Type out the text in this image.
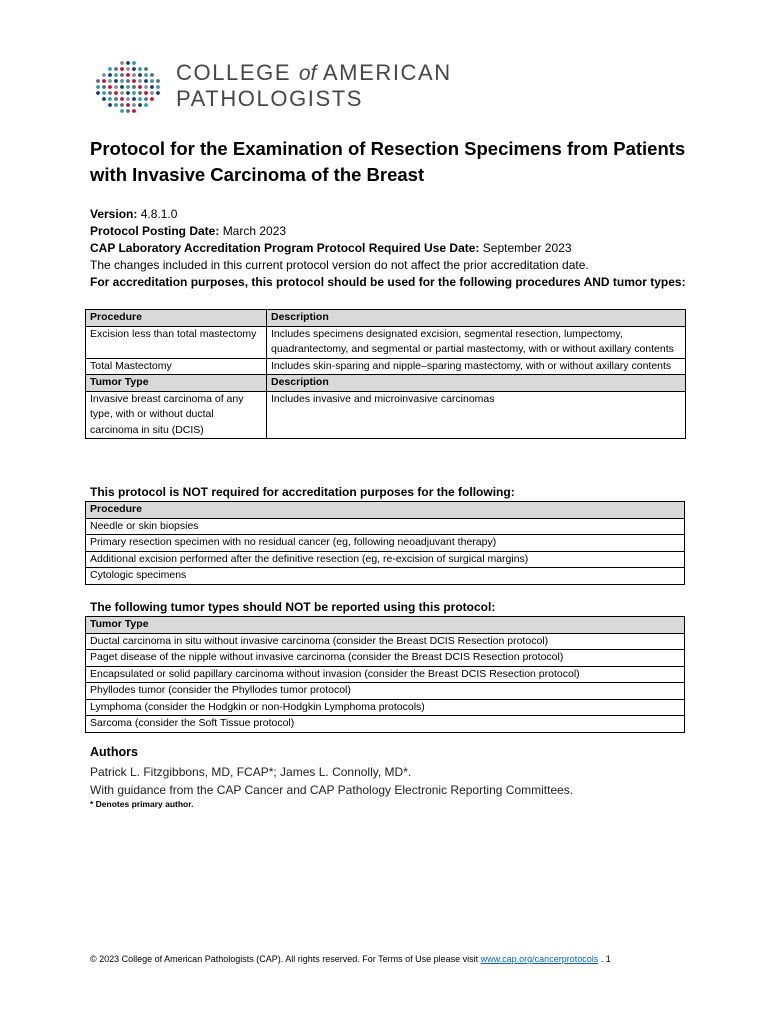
COLLEGE of AMERICAN
PATHOLOGISTS
Protocol for the Examination of Resection Specimens from Patients with Invasive Carcinoma of the Breast
Version: 4.8.1.0
Protocol Posting Date: March 2023
CAP Laboratory Accreditation Program Protocol Required Use Date: September 2023
The changes included in this current protocol version do not affect the prior accreditation date.
For accreditation purposes, this protocol should be used for the following procedures AND tumor types:
Procedure	Description
Excision less than total mastectomy	Includes specimens designated excision, segmental resection, lumpectomy, quadrantectomy, and segmental or partial mastectomy, with or without axillary contents
Total Mastectomy	Includes skin-sparing and nipple–sparing mastectomy, with or without axillary contents
Tumor Type	Description
Invasive breast carcinoma of any type, with or without ductal carcinoma in situ (DCIS)	Includes invasive and microinvasive carcinomas
This protocol is NOT required for accreditation purposes for the following:
Procedure
Needle or skin biopsies
Primary resection specimen with no residual cancer (eg, following neoadjuvant therapy)
Additional excision performed after the definitive resection (eg, re-excision of surgical margins)
Cytologic specimens
The following tumor types should NOT be reported using this protocol:
Tumor Type
Ductal carcinoma in situ without invasive carcinoma (consider the Breast DCIS Resection protocol)
Paget disease of the nipple without invasive carcinoma (consider the Breast DCIS Resection protocol)
Encapsulated or solid papillary carcinoma without invasion (consider the Breast DCIS Resection protocol)
Phyllodes tumor (consider the Phyllodes tumor protocol)
Lymphoma (consider the Hodgkin or non-Hodgkin Lymphoma protocols)
Sarcoma (consider the Soft Tissue protocol)
Authors
Patrick L. Fitzgibbons, MD, FCAP*; James L. Connolly, MD*.
With guidance from the CAP Cancer and CAP Pathology Electronic Reporting Committees.
* Denotes primary author.
© 2023 College of American Pathologists (CAP). All rights reserved. For Terms of Use please visit www.cap.org/cancerprotocols . 1
